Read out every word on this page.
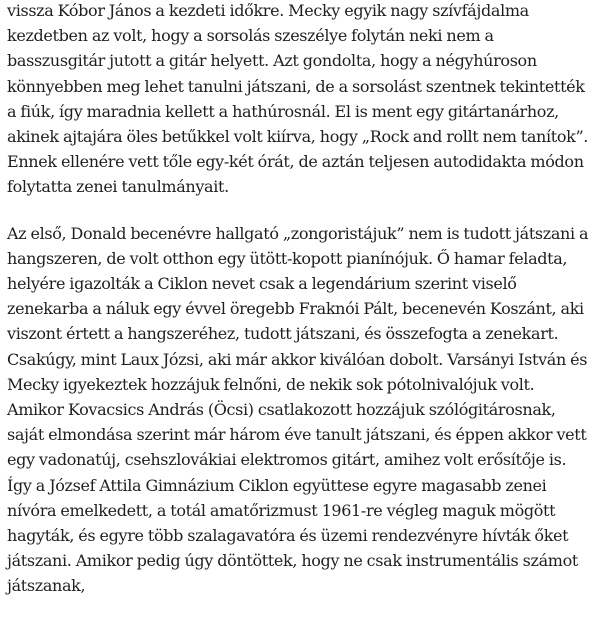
vissza Kóbor János a kezdeti időkre. Mecky egyik nagy szívfájdalma kezdetben az volt, hogy a sorsolás szeszélye folytán neki nem a basszusgitár jutott a gitár helyett. Azt gondolta, hogy a négyhúroson könnyebben meg lehet tanulni játszani, de a sorsolást szentnek tekintették a fiúk, így maradnia kellett a hathúrosnál. El is ment egy gitártanárhoz, akinek ajtajára öles betűkkel volt kiírva, hogy „Rock and rollt nem tanítok”. Ennek ellenére vett tőle egy-két órát, de aztán teljesen autodidakta módon folytatta zenei tanulmányait.

Az első, Donald becenévre hallgató „zongoristájuk” nem is tudott játszani a hangszeren, de volt otthon egy ütött-kopott pianínójuk. Ő hamar feladta, helyére igazolták a Ciklon nevet csak a legendárium szerint viselő zenekarba a náluk egy évvel öregebb Fraknói Pált, becenevén Koszánt, aki viszont értett a hangszeréhez, tudott játszani, és összefogta a zenekart. Csakúgy, mint Laux Józsi, aki már akkor kiválóan dobolt. Varsányi István és Mecky igyekeztek hozzájuk felnőni, de nekik sok pótolnivalójuk volt. Amikor Kovacsics András (Öcsi) csatlakozott hozzájuk szólógitárosnak, saját elmondása szerint már három éve tanult játszani, és éppen akkor vett egy vadonatúj, csehszlovákiai elektromos gitárt, amihez volt erősítője is. Így a József Attila Gimnázium Ciklon együttese egyre magasabb zenei nívóra emelkedett, a totál amatőrizmust 1961-re végleg maguk mögött hagyták, és egyre több szalagavatóra és üzemi rendezvényre hívták őket játszani. Amikor pedig úgy döntöttek, hogy ne csak instrumentális számot játszanak,
